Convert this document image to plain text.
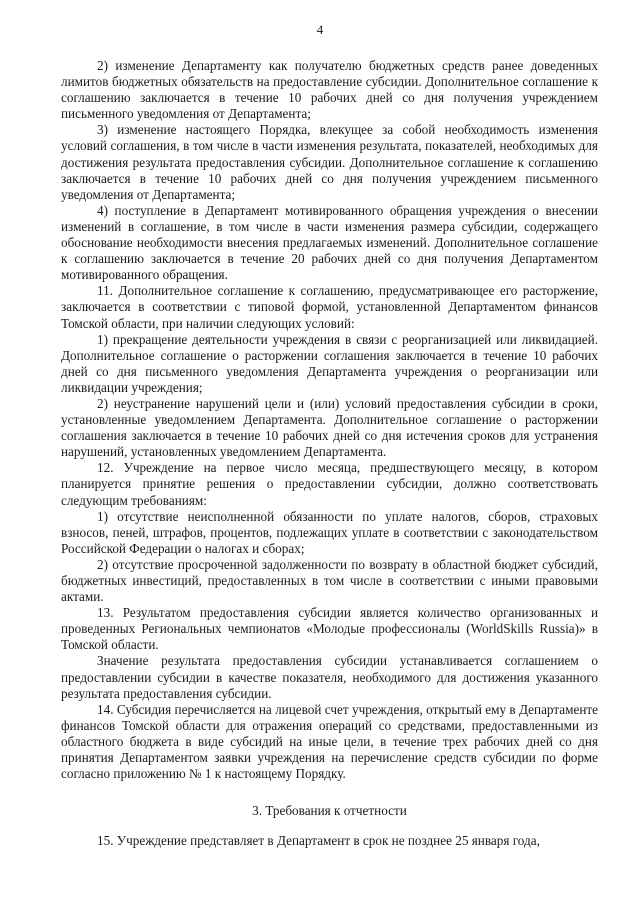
4

2) изменение Департаменту как получателю бюджетных средств ранее доведенных лимитов бюджетных обязательств на предоставление субсидии. Дополнительное соглашение к соглашению заключается в течение 10 рабочих дней со дня получения учреждением письменного уведомления от Департамента;

3) изменение настоящего Порядка, влекущее за собой необходимость изменения условий соглашения, в том числе в части изменения результата, показателей, необходимых для достижения результата предоставления субсидии. Дополнительное соглашение к соглашению заключается в течение 10 рабочих дней со дня получения учреждением письменного уведомления от Департамента;

4) поступление в Департамент мотивированного обращения учреждения о внесении изменений в соглашение, в том числе в части изменения размера субсидии, содержащего обоснование необходимости внесения предлагаемых изменений. Дополнительное соглашение к соглашению заключается в течение 20 рабочих дней со дня получения Департаментом мотивированного обращения.

11. Дополнительное соглашение к соглашению, предусматривающее его расторжение, заключается в соответствии с типовой формой, установленной Департаментом финансов Томской области, при наличии следующих условий:

1) прекращение деятельности учреждения в связи с реорганизацией или ликвидацией. Дополнительное соглашение о расторжении соглашения заключается в течение 10 рабочих дней со дня письменного уведомления Департамента учреждения о реорганизации или ликвидации учреждения;

2) неустранение нарушений цели и (или) условий предоставления субсидии в сроки, установленные уведомлением Департамента. Дополнительное соглашение о расторжении соглашения заключается в течение 10 рабочих дней со дня истечения сроков для устранения нарушений, установленных уведомлением Департамента.

12. Учреждение на первое число месяца, предшествующего месяцу, в котором планируется принятие решения о предоставлении субсидии, должно соответствовать следующим требованиям:

1) отсутствие неисполненной обязанности по уплате налогов, сборов, страховых взносов, пеней, штрафов, процентов, подлежащих уплате в соответствии с законодательством Российской Федерации о налогах и сборах;

2) отсутствие просроченной задолженности по возврату в областной бюджет субсидий, бюджетных инвестиций, предоставленных в том числе в соответствии с иными правовыми актами.

13. Результатом предоставления субсидии является количество организованных и проведенных Региональных чемпионатов «Молодые профессионалы (WorldSkills Russia)» в Томской области.

Значение результата предоставления субсидии устанавливается соглашением о предоставлении субсидии в качестве показателя, необходимого для достижения указанного результата предоставления субсидии.

14. Субсидия перечисляется на лицевой счет учреждения, открытый ему в Департаменте финансов Томской области для отражения операций со средствами, предоставленными из областного бюджета в виде субсидий на иные цели, в течение трех рабочих дней со дня принятия Департаментом заявки учреждения на перечисление средств субсидии по форме согласно приложению № 1 к настоящему Порядку.

3. Требования к отчетности

15. Учреждение представляет в Департамент в срок не позднее 25 января года,
